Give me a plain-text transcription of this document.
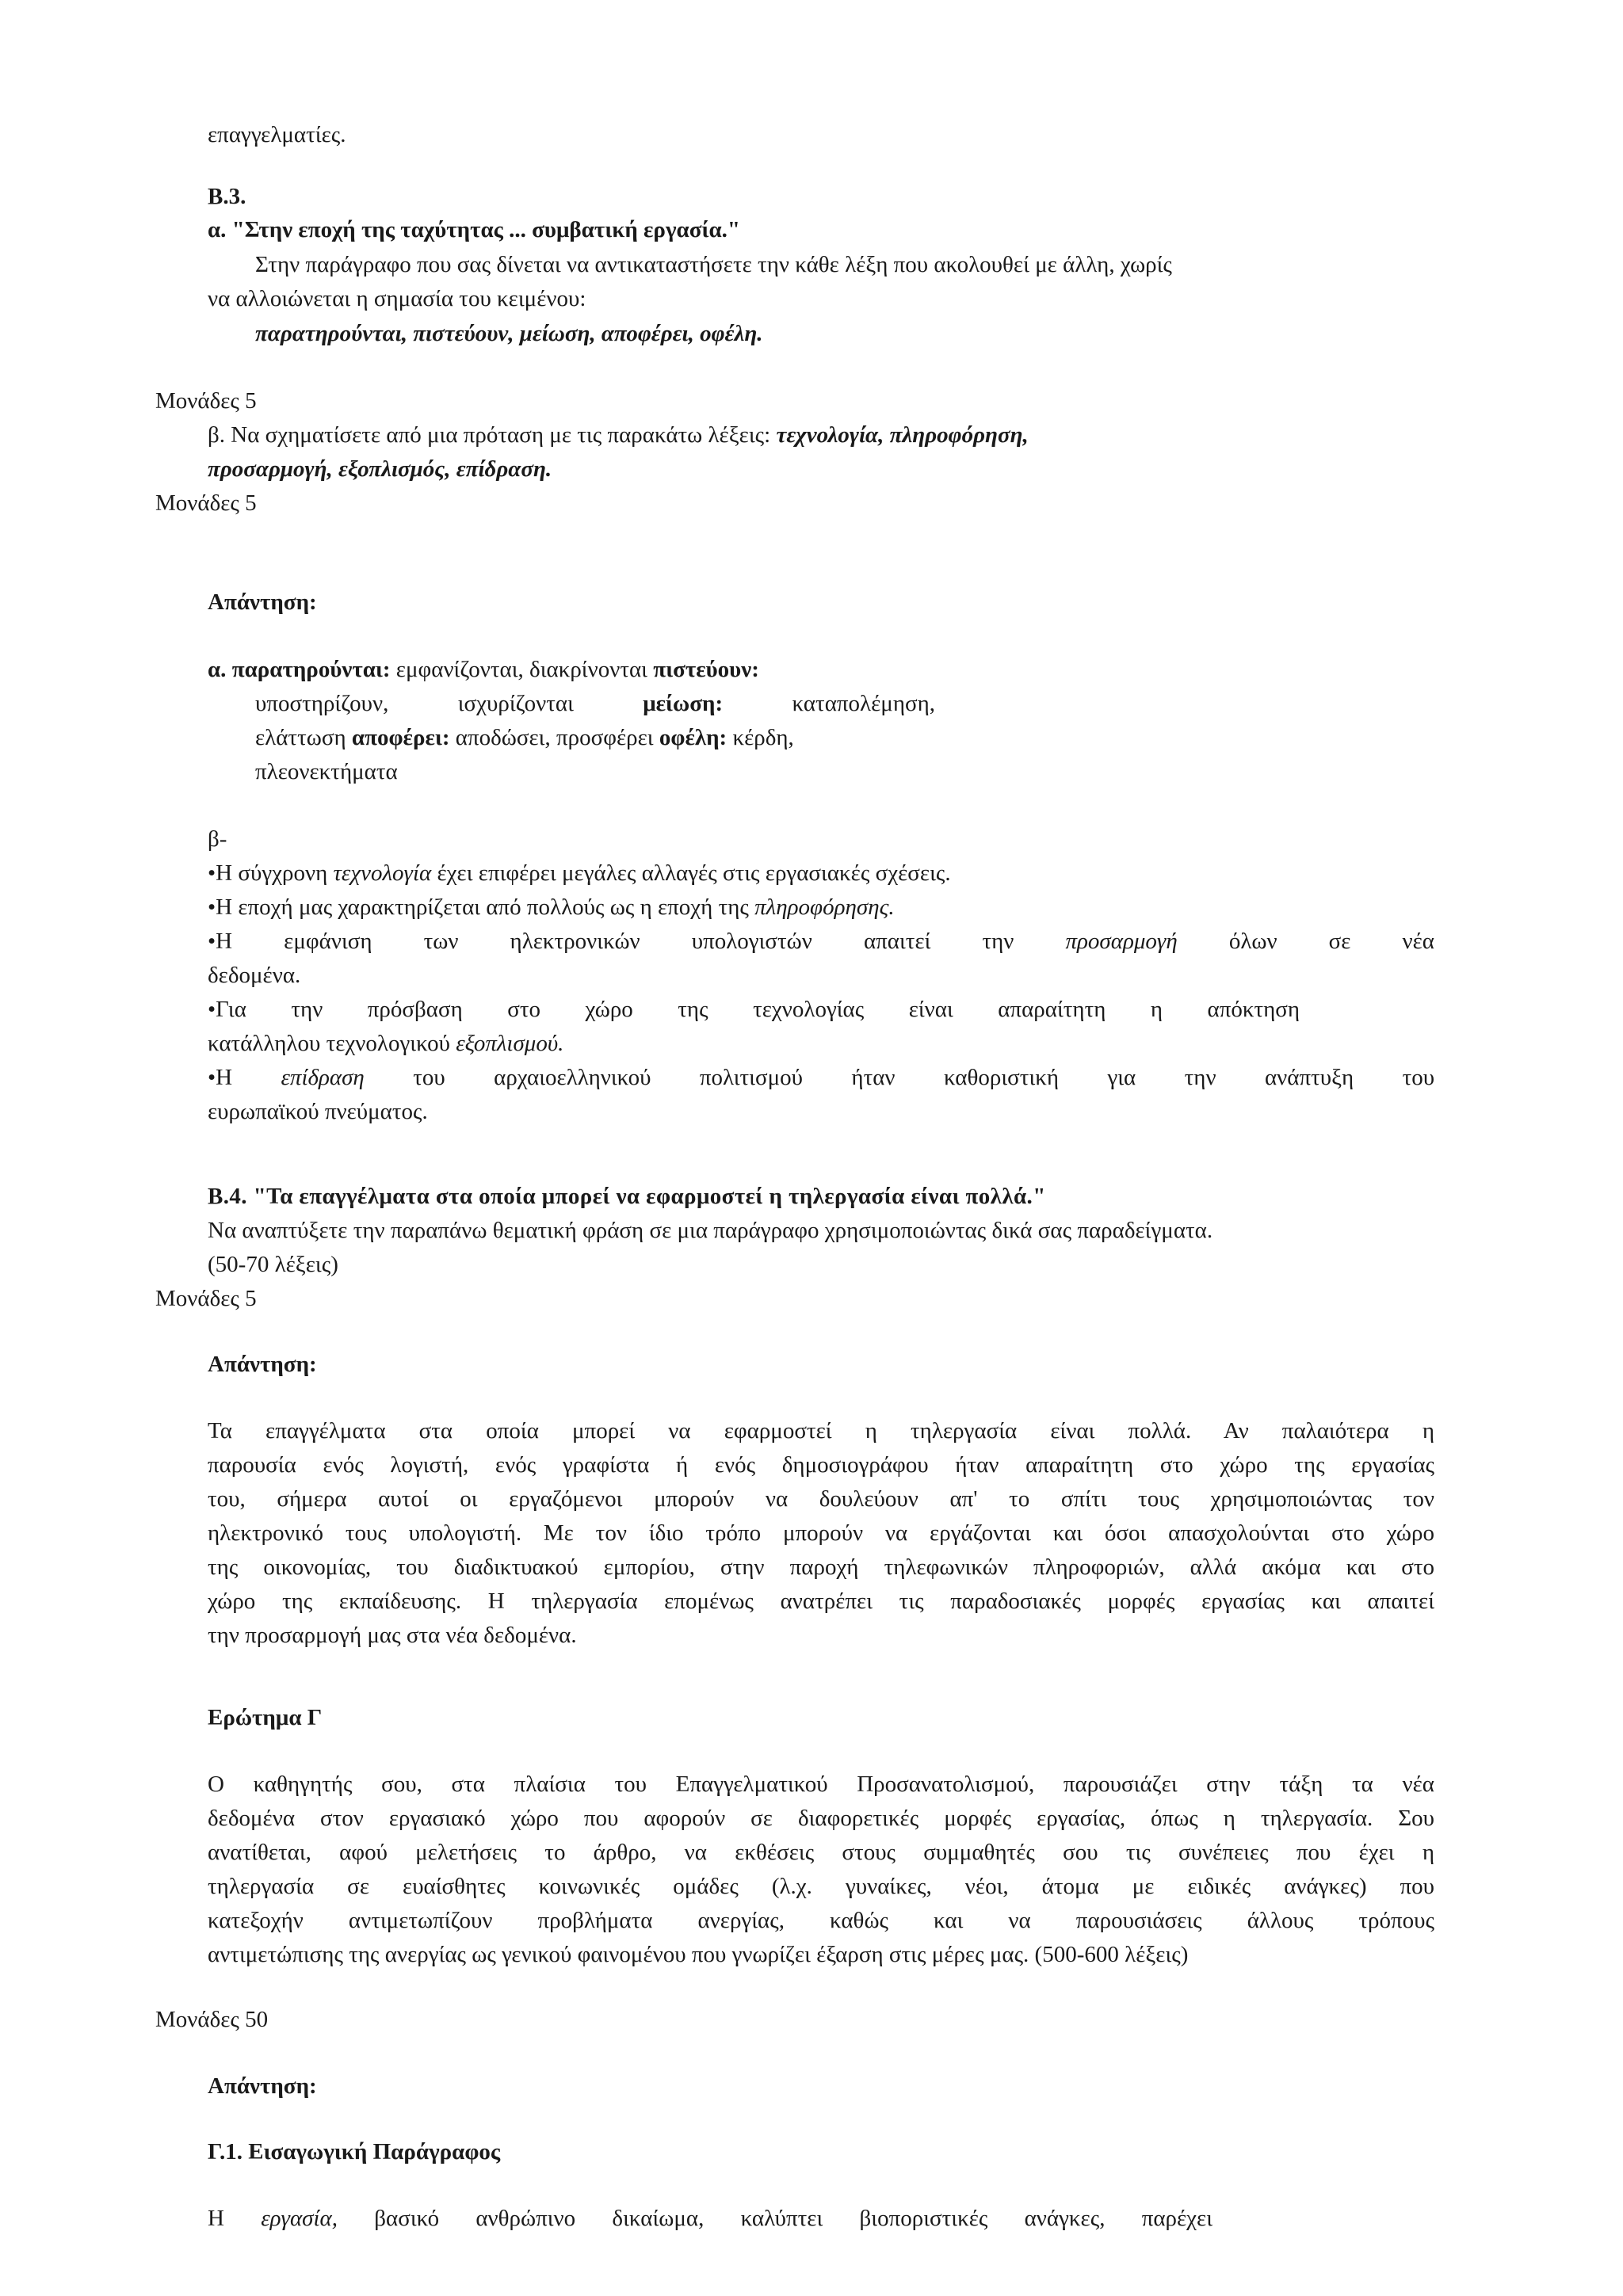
επαγγελματίες.
Β.3.
α. "Στην εποχή της ταχύτητας ... συμβατική εργασία."
Στην παράγραφο που σας δίνεται να αντικαταστήσετε την κάθε λέξη που ακολουθεί με άλλη, χωρίς
να αλλοιώνεται η σημασία του κειμένου:
παρατηρούνται, πιστεύουν, μείωση, αποφέρει, οφέλη.
Μονάδες 5
β. Να σχηματίσετε από μια πρόταση με τις παρακάτω λέξεις: τεχνολογία, πληροφόρηση,
προσαρμογή, εξοπλισμός, επίδραση.
Μονάδες 5
Απάντηση:
α. παρατηρούνται: εμφανίζονται, διακρίνονται πιστεύουν:
υποστηρίζουν,	ισχυρίζονται	μείωση:	καταπολέμηση,
ελάττωση αποφέρει: αποδώσει, προσφέρει οφέλη: κέρδη,
πλεονεκτήματα
β-
•Η σύγχρονη τεχνολογία έχει επιφέρει μεγάλες αλλαγές στις εργασιακές σχέσεις.
•Η εποχή μας χαρακτηρίζεται από πολλούς ως η εποχή της πληροφόρησης.
•Η εμφάνιση των ηλεκτρονικών υπολογιστών απαιτεί την προσαρμογή όλων σε νέα
δεδομένα.
•Για την πρόσβαση στο χώρο της τεχνολογίας είναι απαραίτητη η απόκτηση
κατάλληλου τεχνολογικού εξοπλισμού.
•Η επίδραση του αρχαιοελληνικού πολιτισμού ήταν καθοριστική για την ανάπτυξη του
ευρωπαϊκού πνεύματος.
Β.4. "Τα επαγγέλματα στα οποία μπορεί να εφαρμοστεί η τηλεργασία είναι πολλά."
Να αναπτύξετε την παραπάνω θεματική φράση σε μια παράγραφο χρησιμοποιώντας δικά σας παραδείγματα.
(50-70 λέξεις)
Μονάδες 5
Απάντηση:
Τα επαγγέλματα στα οποία μπορεί να εφαρμοστεί η τηλεργασία είναι πολλά. Αν παλαιότερα η
παρουσία ενός λογιστή, ενός γραφίστα ή ενός δημοσιογράφου ήταν απαραίτητη στο χώρο της εργασίας
του, σήμερα αυτοί οι εργαζόμενοι μπορούν να δουλεύουν απ' το σπίτι τους χρησιμοποιώντας τον
ηλεκτρονικό τους υπολογιστή. Με τον ίδιο τρόπο μπορούν να εργάζονται και όσοι απασχολούνται στο χώρο
της οικονομίας, του διαδικτυακού εμπορίου, στην παροχή τηλεφωνικών πληροφοριών, αλλά ακόμα και στο
χώρο της εκπαίδευσης. Η τηλεργασία επομένως ανατρέπει τις παραδοσιακές μορφές εργασίας και απαιτεί
την προσαρμογή μας στα νέα δεδομένα.
Ερώτημα Γ
Ο καθηγητής σου, στα πλαίσια του Επαγγελματικού Προσανατολισμού, παρουσιάζει στην τάξη τα νέα
δεδομένα στον εργασιακό χώρο που αφορούν σε διαφορετικές μορφές εργασίας, όπως η τηλεργασία. Σου
ανατίθεται, αφού μελετήσεις το άρθρο, να εκθέσεις στους συμμαθητές σου τις συνέπειες που έχει η
τηλεργασία σε ευαίσθητες κοινωνικές ομάδες (λ.χ. γυναίκες, νέοι, άτομα με ειδικές ανάγκες) που
κατεξοχήν αντιμετωπίζουν προβλήματα ανεργίας, καθώς και να παρουσιάσεις άλλους τρόπους
αντιμετώπισης της ανεργίας ως γενικού φαινομένου που γνωρίζει έξαρση στις μέρες μας. (500-600 λέξεις)
Μονάδες 50
Απάντηση:
Γ.1. Εισαγωγική Παράγραφος
Η εργασία, βασικό ανθρώπινο δικαίωμα, καλύπτει βιοποριστικές ανάγκες, παρέχει
